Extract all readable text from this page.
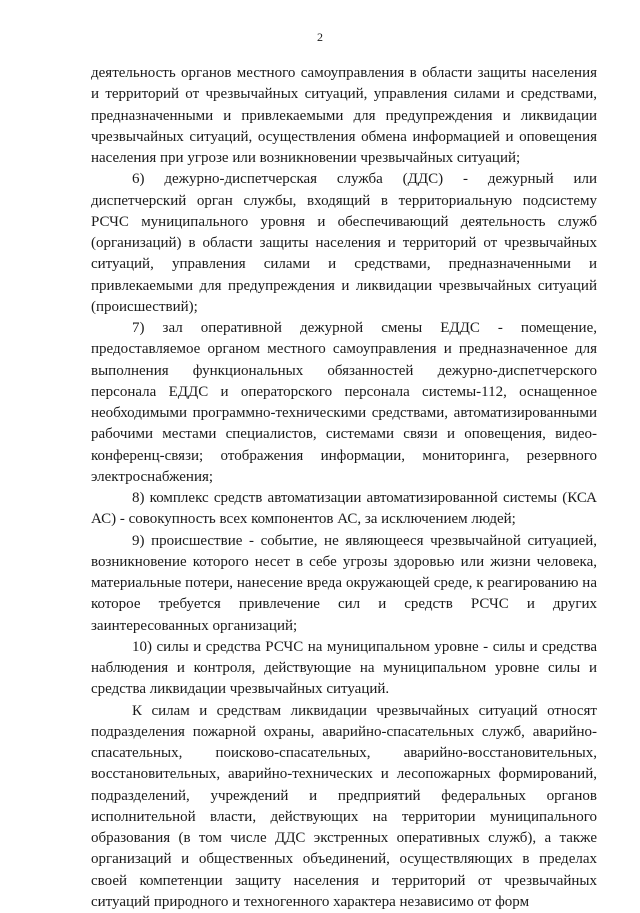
2

деятельность органов местного самоуправления в области защиты населения и территорий от чрезвычайных ситуаций, управления силами и средствами, предназначенными и привлекаемыми для предупреждения и ликвидации чрезвычайных ситуаций, осуществления обмена информацией и оповещения населения при угрозе или возникновении чрезвычайных ситуаций;

6) дежурно-диспетчерская служба (ДДС) - дежурный или диспетчерский орган службы, входящий в территориальную подсистему РСЧС муниципального уровня и обеспечивающий деятельность служб (организаций) в области защиты населения и территорий от чрезвычайных ситуаций, управления силами и средствами, предназначенными и привлекаемыми для предупреждения и ликвидации чрезвычайных ситуаций (происшествий);

7) зал оперативной дежурной смены ЕДДС - помещение, предоставляемое органом местного самоуправления и предназначенное для выполнения функциональных обязанностей дежурно-диспетчерского персонала ЕДДС и операторского персонала системы-112, оснащенное необходимыми программно-техническими средствами, автоматизированными рабочими местами специалистов, системами связи и оповещения, видео-конференц-связи; отображения информации, мониторинга, резервного электроснабжения;

8) комплекс средств автоматизации автоматизированной системы (КСА АС) - совокупность всех компонентов АС, за исключением людей;

9) происшествие - событие, не являющееся чрезвычайной ситуацией, возникновение которого несет в себе угрозы здоровью или жизни человека, материальные потери, нанесение вреда окружающей среде, к реагированию на которое требуется привлечение сил и средств РСЧС и других заинтересованных организаций;

10) силы и средства РСЧС на муниципальном уровне - силы и средства наблюдения и контроля, действующие на муниципальном уровне силы и средства ликвидации чрезвычайных ситуаций.

К силам и средствам ликвидации чрезвычайных ситуаций относят подразделения пожарной охраны, аварийно-спасательных служб, аварийно-спасательных, поисково-спасательных, аварийно-восстановительных, восстановительных, аварийно-технических и лесопожарных формирований, подразделений, учреждений и предприятий федеральных органов исполнительной власти, действующих на территории муниципального образования (в том числе ДДС экстренных оперативных служб), а также организаций и общественных объединений, осуществляющих в пределах своей компетенции защиту населения и территорий от чрезвычайных ситуаций природного и техногенного характера независимо от форм
